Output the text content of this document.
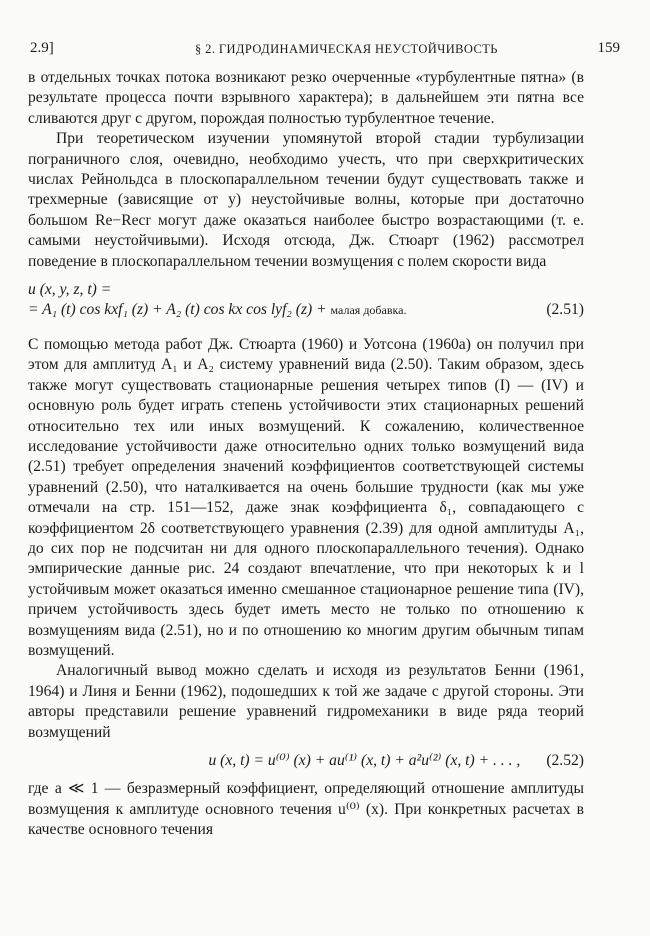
2.9]	§ 2. ГИДРОДИНАМИЧЕСКАЯ НЕУСТОЙЧИВОСТЬ	159

в отдельных точках потока возникают резко очерченные «турбулентные пятна» (в результате процесса почти взрывного характера); в дальнейшем эти пятна все сливаются друг с другом, порождая полностью турбулентное течение.

При теоретическом изучении упомянутой второй стадии турбулизации пограничного слоя, очевидно, необходимо учесть, что при сверхкритических числах Рейнольдса в плоскопараллельном течении будут существовать также и трехмерные (зависящие от y) неустойчивые волны, которые при достаточно большом Re−Recr могут даже оказаться наиболее быстро возрастающими (т. е. самыми неустойчивыми). Исходя отсюда, Дж. Стюарт (1962) рассмотрел поведение в плоскопараллельном течении возмущения с полем скорости вида

u (x, y, z, t) =
= A₁ (t) cos kxf₁ (z) + A₂ (t) cos kx cos lyf₂ (z) + малая добавка.	(2.51)

С помощью метода работ Дж. Стюарта (1960) и Уотсона (1960а) он получил при этом для амплитуд A₁ и A₂ систему уравнений вида (2.50). Таким образом, здесь также могут существовать стационарные решения четырех типов (I) — (IV) и основную роль будет играть степень устойчивости этих стационарных решений относительно тех или иных возмущений. К сожалению, количественное исследование устойчивости даже относительно одних только возмущений вида (2.51) требует определения значений коэффициентов соответствующей системы уравнений (2.50), что наталкивается на очень большие трудности (как мы уже отмечали на стр. 151—152, даже знак коэффициента δ₁, совпадающего с коэффициентом 2δ соответствующего уравнения (2.39) для одной амплитуды A₁, до сих пор не подсчитан ни для одного плоскопараллельного течения). Однако эмпирические данные рис. 24 создают впечатление, что при некоторых k и l устойчивым может оказаться именно смешанное стационарное решение типа (IV), причем устойчивость здесь будет иметь место не только по отношению к возмущениям вида (2.51), но и по отношению ко многим другим обычным типам возмущений.

Аналогичный вывод можно сделать и исходя из результатов Бенни (1961, 1964) и Линя и Бенни (1962), подошедших к той же задаче с другой стороны. Эти авторы представили решение уравнений гидромеханики в виде ряда теорий возмущений

u (x, t) = u⁽⁰⁾ (x) + au⁽¹⁾ (x, t) + a²u⁽²⁾ (x, t) + . . . , (2.52)

где a ≪ 1 — безразмерный коэффициент, определяющий отношение амплитуды возмущения к амплитуде основного течения u⁽⁰⁾ (x). При конкретных расчетах в качестве основного течения
